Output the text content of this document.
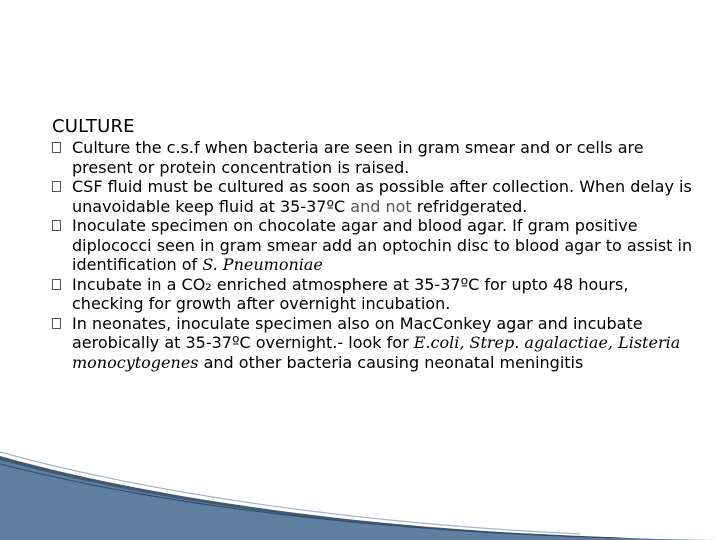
CULTURE
Culture the c.s.f when bacteria are seen in gram smear and or cells are present or protein concentration is raised.
CSF fluid must be cultured as soon as possible after collection. When delay is unavoidable keep fluid at 35-37ºC and not refridgerated.
Inoculate specimen on chocolate agar and blood agar. If gram positive diplococci seen in gram smear add an optochin disc to blood agar to assist in identification of S. Pneumoniae
Incubate in a CO₂ enriched atmosphere at 35-37ºC for upto 48 hours, checking for growth after overnight incubation.
In neonates, inoculate specimen also on MacConkey agar and incubate aerobically at 35-37ºC overnight.- look for E.coli, Strep. agalactiae, Listeria monocytogenes and other bacteria causing neonatal meningitis
